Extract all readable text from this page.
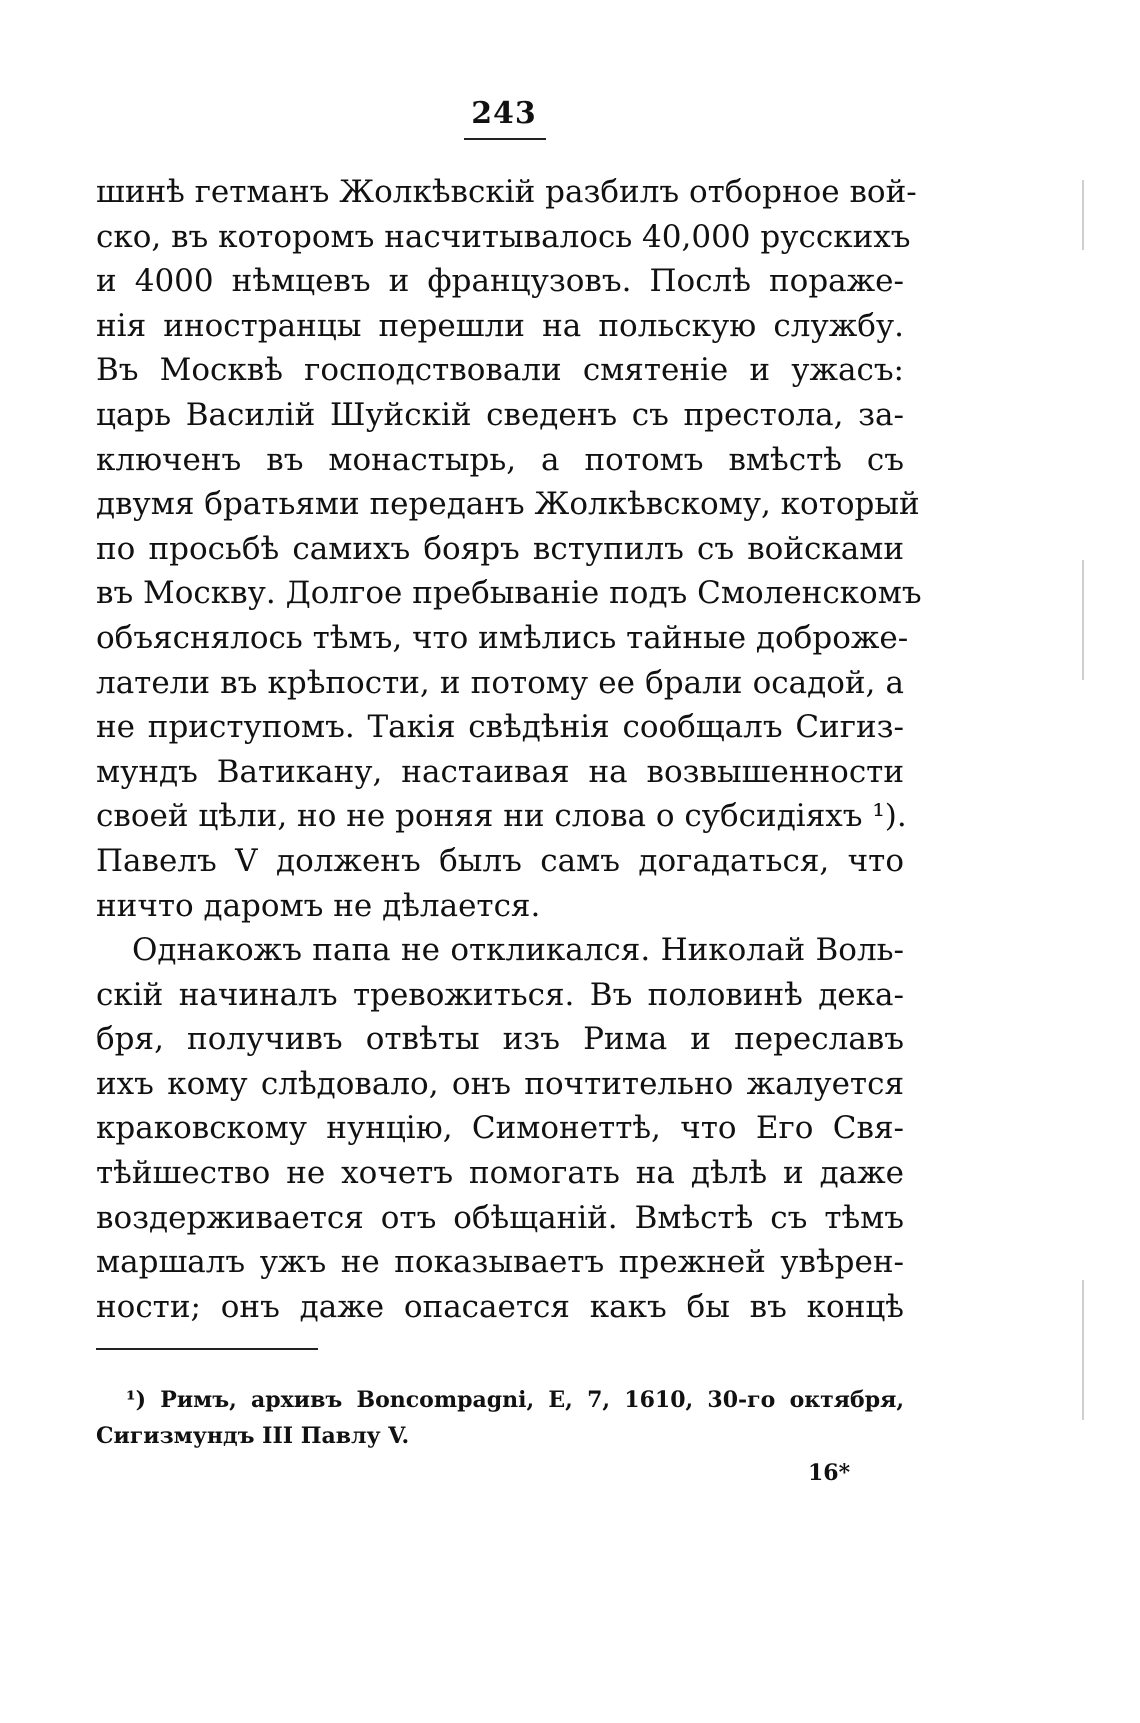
243
шинѣ гетманъ Жолкѣвскій разбилъ отборное вой-
ско, въ которомъ насчитывалось 40,000 русскихъ
и 4000 нѣмцевъ и французовъ. Послѣ пораже-
нія иностранцы перешли на польскую службу.
Въ Москвѣ господствовали смятеніе и ужасъ:
царь Василій Шуйскій сведенъ съ престола, за-
ключенъ въ монастырь, а потомъ вмѣстѣ съ
двумя братьями переданъ Жолкѣвскому, который
по просьбѣ самихъ бояръ вступилъ съ войсками
въ Москву. Долгое пребываніе подъ Смоленскомъ
объяснялось тѣмъ, что имѣлись тайные доброже-
латели въ крѣпости, и потому ее брали осадой, а
не приступомъ. Такія свѣдѣнія сообщалъ Сигиз-
мундъ Ватикану, настаивая на возвышенности
своей цѣли, но не роняя ни слова о субсидіяхъ ¹).
Павелъ V долженъ былъ самъ догадаться, что
ничто даромъ не дѣлается.
Однакожъ папа не откликался. Николай Воль-
скій начиналъ тревожиться. Въ половинѣ дека-
бря, получивъ отвѣты изъ Рима и переславъ
ихъ кому слѣдовало, онъ почтительно жалуется
краковскому нунцію, Симонеттѣ, что Его Свя-
тѣйшество не хочетъ помогать на дѣлѣ и даже
воздерживается отъ обѣщаній. Вмѣстѣ съ тѣмъ
маршалъ ужъ не показываетъ прежней увѣрен-
ности; онъ даже опасается какъ бы въ концѣ
¹) Римъ, архивъ Boncompagni, E, 7, 1610, 30-го октября,
Сигизмундъ III Павлу V.
16*
